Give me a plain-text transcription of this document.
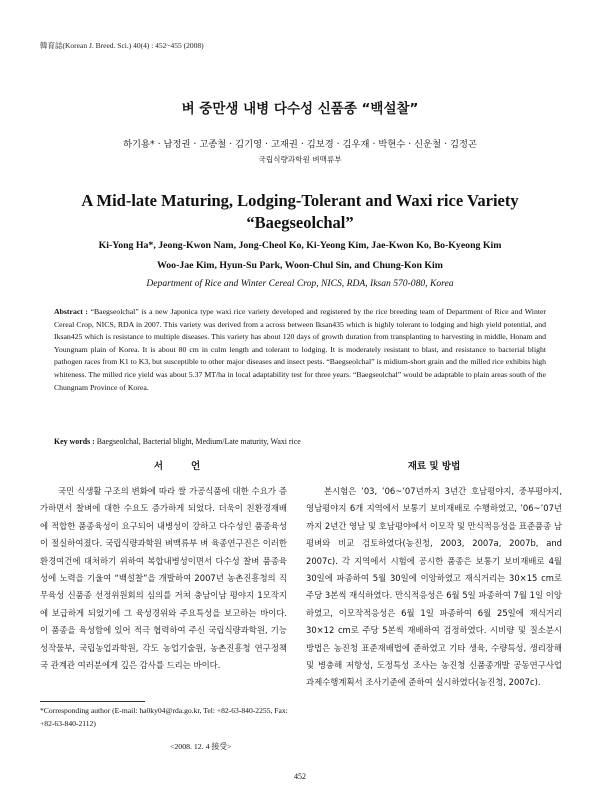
韓育誌(Korean J. Breed. Sci.) 40(4) : 452~455 (2008)
벼 중만생 내병 다수성 신품종 “백설찰”
하기용* · 남정권 · 고종철 · 김기영 · 고재권 · 김보경 · 김우재 · 박현수 · 신운철 · 김정곤
국립식량과학원 벼맥류부
A Mid-late Maturing, Lodging-Tolerant and Waxi rice Variety
“Baegseolchal”
Ki-Yong Ha*, Jeong-Kwon Nam, Jong-Cheol Ko, Ki-Yeong Kim, Jae-Kwon Ko, Bo-Kyeong Kim
Woo-Jae Kim, Hyun-Su Park, Woon-Chul Sin, and Chung-Kon Kim
Department of Rice and Winter Cereal Crop, NICS, RDA, Iksan 570-080, Korea
Abstract : “Baegseolchal” is a new Japonica type waxi rice variety developed and registered by the rice breeding team of Department of Rice and Winter Cereal Crop, NICS, RDA in 2007. This variety was derived from a across between Iksan435 which is highly tolerant to lodging and high yield potential, and Iksan425 which is resistance to multiple diseases. This variety has about 120 days of growth duration from transplanting to harvesting in middle, Honam and Youngnam plain of Korea. It is about 80 cm in culm length and tolerant to lodging. It is moderately resistant to blast, and resistance to bacterial blight pathogen races from K1 to K3, but susceptible to other major diseases and insect pests. “Baegseolchal” is midium-short grain and the milled rice exhibits high whiteness. The milled rice yield was about 5.37 MT/ha in local adaptability test for three years. “Baegseolchal” would be adaptable to plain areas south of the Chungnam Province of Korea.
Key words : Baegseolchal, Bacterial blight, Medium/Late maturity, Waxi rice
서언	재료 및 방법

국민 식생활 구조의 변화에 따라 쌀 가공식품에 대한 수요가 증가하면서 찰벼에 대한 수요도 증가하게 되었다. 더욱이 친환경재배에 적합한 품종육성이 요구되어 내병성이 강하고 다수성인 품종육성이 절실하여졌다. 국립식량과학원 벼맥류부 벼 육종연구진은 이러한 환경여건에 대처하기 위하여 복합내병성이면서 다수성 찰벼 품종육성에 노력을 기울여 “백설찰”을 개발하여 2007년 농촌진흥청의 직무육성 신품종 선정위원회의 심의를 거쳐 충남이남 평야지 1모작지에 보급하게 되었기에 그 육성경위와 주요특성을 보고하는 바이다. 이 품종을 육성함에 있어 적극 협력하여 주신 국립식량과학원, 기능성작물부, 국립농업과학원, 각도 농업기술원, 농촌진흥청 연구정책국 관계관 여러분에게 깊은 감사를 드리는 바이다.

본시험은 ’03, ’06~’07년까지 3년간 호남평야지, 중부평야지, 영남평야지 6개 지역에서 보통기 보비재배로 수행하였고, ’06~’07년까지 2년간 영남 및 호남평야에서 이모작 및 만식적응성을 표준품종 남평벼와 비교 검토하였다(농진청, 2003, 2007a, 2007b, and 2007c). 각 지역에서 시험에 공시한 품종은 보통기 보비재배로 4월 30일에 파종하여 5월 30일에 이앙하였고 재식거리는 30×15 cm로 주당 3본씩 재식하였다. 만식적응성은 6월 5일 파종하여 7월 1일 이앙하였고, 이모작적응성은 6월 1일 파종하여 6월 25일에 재식거리 30×12 cm로 주당 5본씩 재배하여 검정하였다. 시비량 및 질소분시방법은 농진청 표준재배법에 준하였고 기타 생육, 수량특성, 생리장해 및 병충해 저항성, 도정특성 조사는 농진청 신품종개발 공동연구사업 과제수행계획서 조사기준에 준하여 실시하였다(농진청, 2007c).

*Corresponding author (E-mail: ha0ky04@rda.go.kr, Tel: +82-63-840-2255, Fax: +82-63-840-2112)
<2008. 12. 4 接受>
452
